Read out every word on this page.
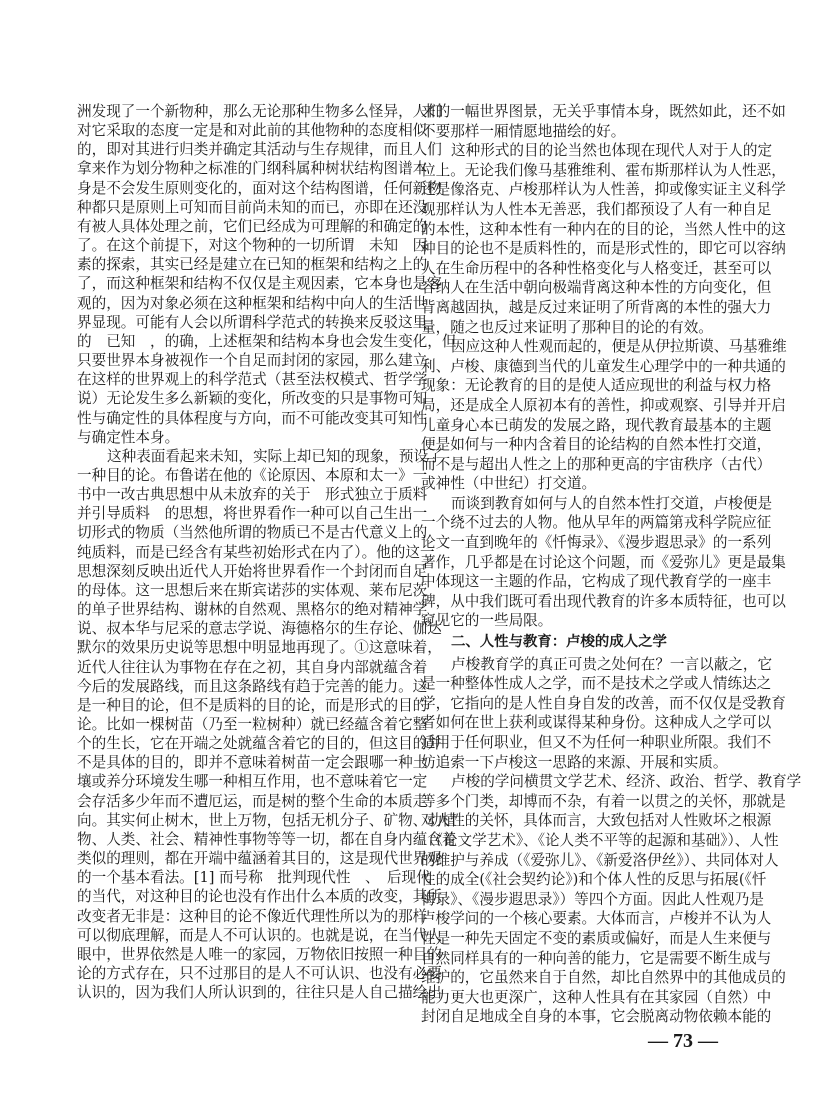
洲发现了一个新物种，那么无论那种生物多么怪异，人们
对它采取的态度一定是和对此前的其他物种的态度相似
的，即对其进行归类并确定其活动与生存规律，而且人们
拿来作为划分物种之标准的门纲科属种树状结构图谱本
身是不会发生原则变化的，面对这个结构图谱，任何新物
种都只是原则上可知而目前尚未知的而已，亦即在还没
有被人具体处理之前，它们已经成为可理解的和确定的
了。在这个前提下，对这个物种的一切所谓　未知　因
素的探索，其实已经是建立在已知的框架和结构之上的
了，而这种框架和结构不仅仅是主观因素，它本身也是客
观的，因为对象必须在这种框架和结构中向人的生活世
界显现。可能有人会以所谓科学范式的转换来反驳这里
的　已知　，的确，上述框架和结构本身也会发生变化，但
只要世界本身被视作一个自足而封闭的家园，那么建立
在这样的世界观上的科学范式（甚至法权模式、哲学学
说）无论发生多么新颖的变化，所改变的只是事物可知
性与确定性的具体程度与方向，而不可能改变其可知性
与确定性本身。
这种表面看起来未知，实际上却已知的现象，预设了
一种目的论。布鲁诺在他的《论原因、本原和太一》一
书中一改古典思想中从未放弃的关于　形式独立于质料
并引导质料　的思想，将世界看作一种可以自己生出一
切形式的物质（当然他所谓的物质已不是古代意义上的
纯质料，而是已经含有某些初始形式在内了）。他的这一
思想深刻反映出近代人开始将世界看作一个封闭而自足
的母体。这一思想后来在斯宾诺莎的实体观、莱布尼茨
的单子世界结构、谢林的自然观、黑格尔的绝对精神学
说、叔本华与尼采的意志学说、海德格尔的生存论、伽达
默尔的效果历史说等思想中明显地再现了。①这意味着，
近代人往往认为事物在存在之初，其自身内部就蕴含着
今后的发展路线，而且这条路线有趋于完善的能力。这
是一种目的论，但不是质料的目的论，而是形式的目的
论。比如一棵树苗（乃至一粒树种）就已经蕴含着它整
个的生长，它在开端之处就蕴含着它的目的，但这目的并
不是具体的目的，即并不意味着树苗一定会跟哪一种土
壤或养分环境发生哪一种相互作用，也不意味着它一定
会存活多少年而不遭厄运，而是树的整个生命的本质走
向。其实何止树木，世上万物，包括无机分子、矿物、动植
物、人类、社会、精神性事物等等一切，都在自身内蕴含着
类似的理则，都在开端中蕴涵着其目的，这是现代世界观
的一个基本看法。[1] 而号称　批判现代性　、　后现代
的当代，对这种目的论也没有作出什么本质的改变，其所
改变者无非是：这种目的论不像近代理性所以为的那样
可以彻底理解，而是人不可认识的。也就是说，在当代人
眼中，世界依然是人唯一的家园，万物依旧按照一种目的
论的方式存在，只不过那目的是人不可认识、也没有必要
认识的，因为我们人所认识到的，往往只是人自己描绘出
来的一幅世界图景，无关乎事情本身，既然如此，还不如
不要那样一厢情愿地描绘的好。
这种形式的目的论当然也体现在现代人对于人的定
位上。无论我们像马基雅维利、霍布斯那样认为人性恶，
还是像洛克、卢梭那样认为人性善，抑或像实证主义科学
观那样认为人性本无善恶，我们都预设了人有一种自足
的本性，这种本性有一种内在的目的论，当然人性中的这
种目的论也不是质料性的，而是形式性的，即它可以容纳
人在生命历程中的各种性格变化与人格变迁，甚至可以
容纳人在生活中朝向极端背离这种本性的方向变化，但
背离越固执，越是反过来证明了所背离的本性的强大力
量，随之也反过来证明了那种目的论的有效。
因应这种人性观而起的，便是从伊拉斯谟、马基雅维
利、卢梭、康德到当代的儿童发生心理学中的一种共通的
现象：无论教育的目的是使人适应现世的利益与权力格
局，还是成全人原初本有的善性，抑或观察、引导并开启
儿童身心本已萌发的发展之路，现代教育最基本的主题
便是如何与一种内含着目的论结构的自然本性打交道，
而不是与超出人性之上的那种更高的宇宙秩序（古代）
或神性（中世纪）打交道。
而谈到教育如何与人的自然本性打交道，卢梭便是
一个绕不过去的人物。他从早年的两篇第戎科学院应征
论文一直到晚年的《忏悔录》、《漫步遐思录》的一系列
著作，几乎都是在讨论这个问题，而《爱弥儿》更是最集
中体现这一主题的作品，它构成了现代教育学的一座丰
碑，从中我们既可看出现代教育的许多本质特征，也可以
窥见它的一些局限。
二、人性与教育：卢梭的成人之学
卢梭教育学的真正可贵之处何在？一言以蔽之，它
是一种整体性成人之学，而不是技术之学或人情练达之
学，它指向的是人性自身自发的改善，而不仅仅是受教育
者如何在世上获利或谋得某种身份。这种成人之学可以
适用于任何职业，但又不为任何一种职业所限。我们不
妨追索一下卢梭这一思路的来源、开展和实质。
卢梭的学问横贯文学艺术、经济、政治、哲学、教育学
等多个门类，却博而不杂，有着一以贯之的关怀，那就是
对人性的关怀，具体而言，大致包括对人性败坏之根源
（《论文学艺术》、《论人类不平等的起源和基础》）、人性
的维护与养成（《爱弥儿》、《新爱洛伊丝》）、共同体对人
性的成全(《社会契约论》)和个体人性的反思与拓展(《忏
悔录》、《漫步遐思录》）等四个方面。因此人性观乃是
卢梭学问的一个核心要素。大体而言，卢梭并不认为人
性是一种先天固定不变的素质或偏好，而是人生来便与
自然同样具有的一种向善的能力，它是需要不断生成与
维护的，它虽然来自于自然，却比自然界中的其他成员的
能力更大也更深广，这种人性具有在其家园（自然）中
封闭自足地成全自身的本事，它会脱离动物依赖本能的
— 73 —
